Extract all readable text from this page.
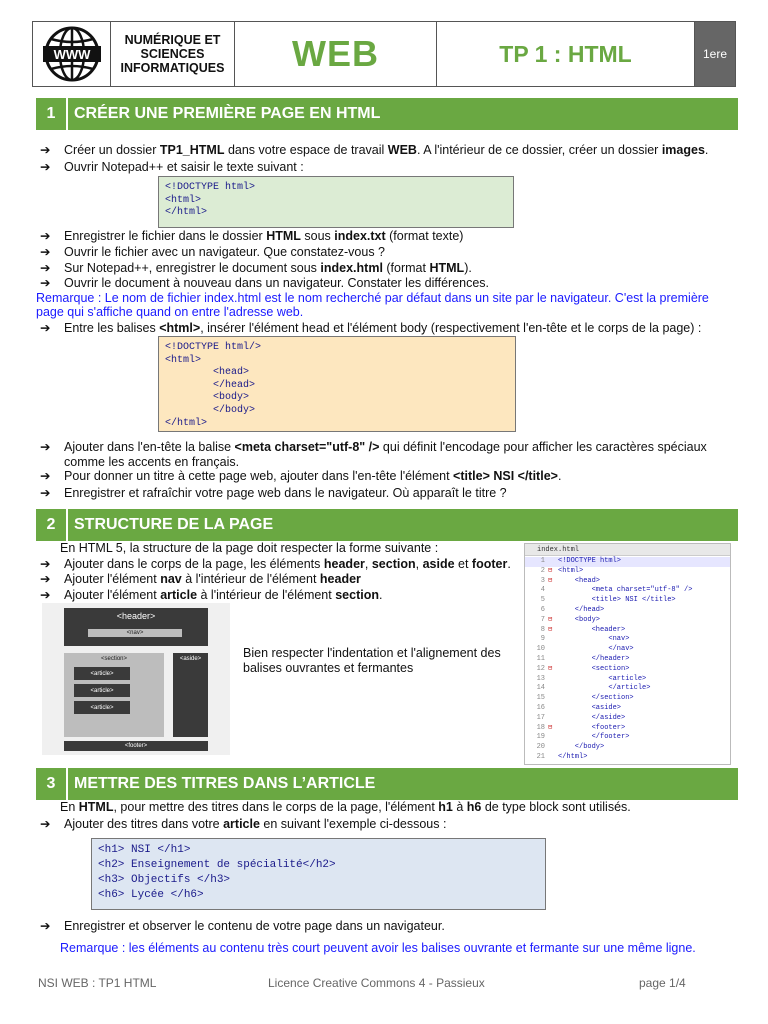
WWW
NUMÉRIQUE ET SCIENCES INFORMATIQUES	WEB	TP 1 : HTML	1ere
1	CRÉER UNE PREMIÈRE PAGE EN HTML
➔ Créer un dossier TP1_HTML dans votre espace de travail WEB. A l'intérieur de ce dossier, créer un dossier images.
➔ Ouvrir Notepad++ et saisir le texte suivant :
<!DOCTYPE html>
<html>
</html>
➔ Enregistrer le fichier dans le dossier HTML sous index.txt (format texte)
➔ Ouvrir le fichier avec un navigateur. Que constatez-vous ?
➔ Sur Notepad++, enregistrer le document sous index.html (format HTML).
➔ Ouvrir le document à nouveau dans un navigateur. Constater les différences.
Remarque : Le nom de fichier index.html est le nom recherché par défaut dans un site par le navigateur. C'est la première page qui s'affiche quand on entre l'adresse web.
➔ Entre les balises <html>, insérer l'élément head et l'élément body (respectivement l'en-tête et le corps de la page) :
<!DOCTYPE html/>
<html>
<head>
</head>
<body>
</body>
</html>
➔ Ajouter dans l'en-tête la balise <meta charset="utf-8" /> qui définit l'encodage pour afficher les caractères spéciaux
comme les accents en français.
➔ Pour donner un titre à cette page web, ajouter dans l'en-tête l'élément <title> NSI </title>.
➔ Enregistrer et rafraîchir votre page web dans le navigateur. Où apparaît le titre ?
2	STRUCTURE DE LA PAGE
En HTML 5, la structure de la page doit respecter la forme suivante :
➔ Ajouter dans le corps de la page, les éléments header, section, aside et footer.
➔ Ajouter l'élément nav à l'intérieur de l'élément header
➔ Ajouter l'élément article à l'intérieur de l'élément section.
<header>
<nav>
<section>	<aside>
<article>
<article>
<article>
<footer>
Bien respecter l'indentation et l'alignement des balises ouvrantes et fermantes
index.html
1 <!DOCTYPE html>
2 ⊟ <html>
3 ⊟ <head>
4 <meta charset="utf-8" />
5 <title> NSI </title>
6 </head>
7 ⊟ <body>
8 ⊟ <header>
9 <nav>
10 </nav>
11 </header>
12 ⊟ <section>
13 <article>
14 </article>
15 </section>
16 <aside>
17 </aside>
18 ⊟ <footer>
19 </footer>
20 </body>
21 </html>
3	METTRE DES TITRES DANS L’ARTICLE
En HTML, pour mettre des titres dans le corps de la page, l'élément h1 à h6 de type block sont utilisés.
➔ Ajouter des titres dans votre article en suivant l'exemple ci-dessous :
<h1> NSI </h1>
<h2> Enseignement de spécialité</h2>
<h3> Objectifs </h3>
<h6> Lycée </h6>
➔ Enregistrer et observer le contenu de votre page dans un navigateur.
Remarque : les éléments au contenu très court peuvent avoir les balises ouvrante et fermante sur une même ligne.
NSI WEB : TP1 HTML	Licence Creative Commons 4 - Passieux	page 1/4
